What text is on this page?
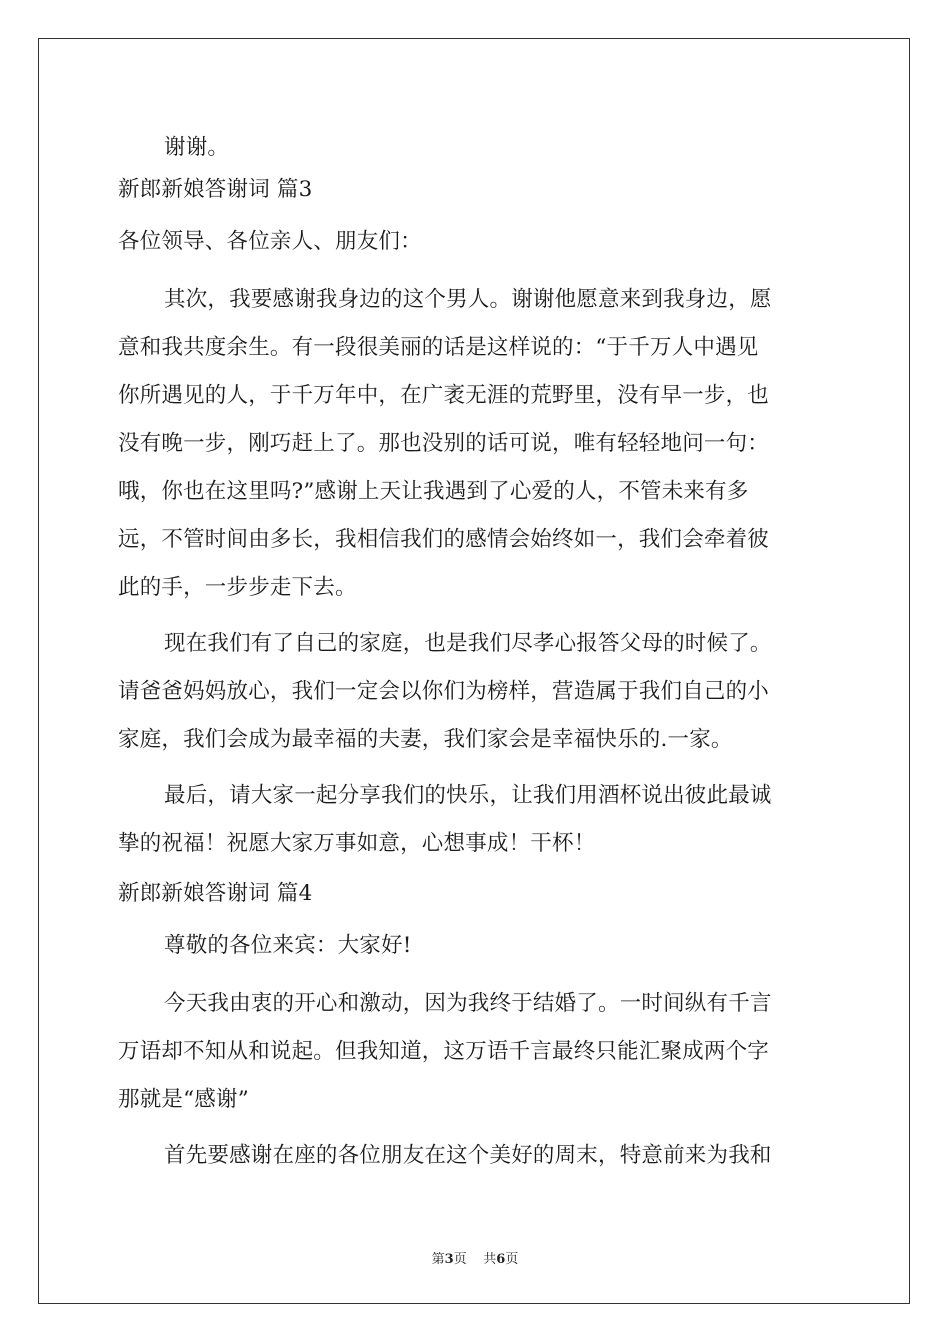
谢谢。
新郎新娘答谢词 篇3
各位领导、各位亲人、朋友们：
其次，我要感谢我身边的这个男人。谢谢他愿意来到我身边，愿
意和我共度余生。有一段很美丽的话是这样说的：“于千万人中遇见
你所遇见的人，于千万年中，在广袤无涯的荒野里，没有早一步，也
没有晚一步，刚巧赶上了。那也没别的话可说，唯有轻轻地问一句：
哦，你也在这里吗?”感谢上天让我遇到了心爱的人，不管未来有多
远，不管时间由多长，我相信我们的感情会始终如一，我们会牵着彼
此的手，一步步走下去。
现在我们有了自己的家庭，也是我们尽孝心报答父母的时候了。
请爸爸妈妈放心，我们一定会以你们为榜样，营造属于我们自己的小
家庭，我们会成为最幸福的夫妻，我们家会是幸福快乐的.一家。
最后，请大家一起分享我们的快乐，让我们用酒杯说出彼此最诚
挚的祝福！祝愿大家万事如意，心想事成！干杯！
新郎新娘答谢词 篇4
尊敬的各位来宾：大家好!
今天我由衷的开心和激动，因为我终于结婚了。一时间纵有千言
万语却不知从和说起。但我知道，这万语千言最终只能汇聚成两个字
那就是“感谢”
首先要感谢在座的各位朋友在这个美好的周末，特意前来为我和
第3页 共6页
